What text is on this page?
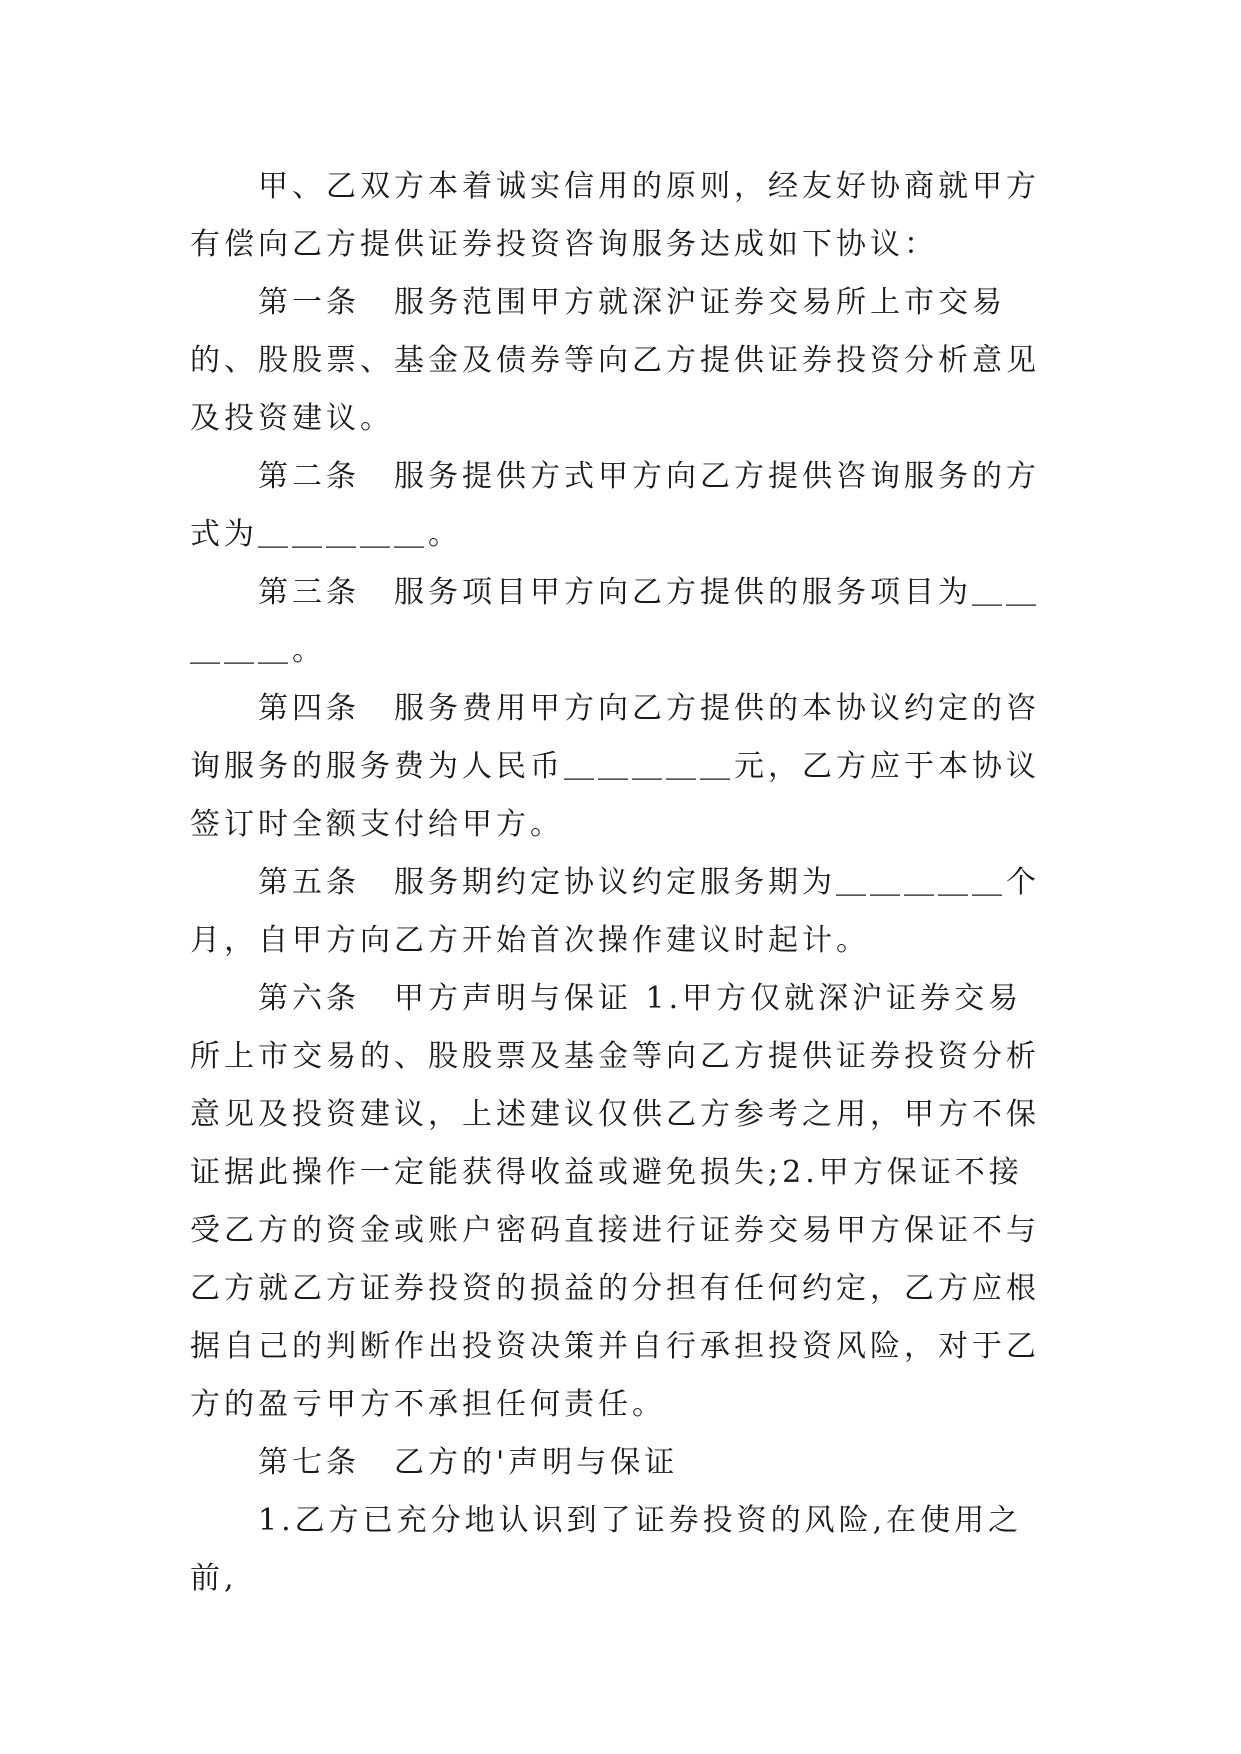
甲、乙双方本着诚实信用的原则，经友好协商就甲方有偿向乙方提供证券投资咨询服务达成如下协议：

第一条　服务范围甲方就深沪证券交易所上市交易的、股股票、基金及债券等向乙方提供证券投资分析意见及投资建议。

第二条　服务提供方式甲方向乙方提供咨询服务的方式为＿＿＿＿＿。

第三条　服务项目甲方向乙方提供的服务项目为＿＿＿＿＿。

第四条　服务费用甲方向乙方提供的本协议约定的咨询服务的服务费为人民币＿＿＿＿＿元，乙方应于本协议签订时全额支付给甲方。

第五条　服务期约定协议约定服务期为＿＿＿＿＿个月，自甲方向乙方开始首次操作建议时起计。

第六条　甲方声明与保证 1.甲方仅就深沪证券交易所上市交易的、股股票及基金等向乙方提供证券投资分析意见及投资建议，上述建议仅供乙方参考之用，甲方不保证据此操作一定能获得收益或避免损失;2.甲方保证不接受乙方的资金或账户密码直接进行证券交易甲方保证不与乙方就乙方证券投资的损益的分担有任何约定，乙方应根据自己的判断作出投资决策并自行承担投资风险，对于乙方的盈亏甲方不承担任何责任。

第七条　乙方的'声明与保证

1.乙方已充分地认识到了证券投资的风险,在使用之前,
